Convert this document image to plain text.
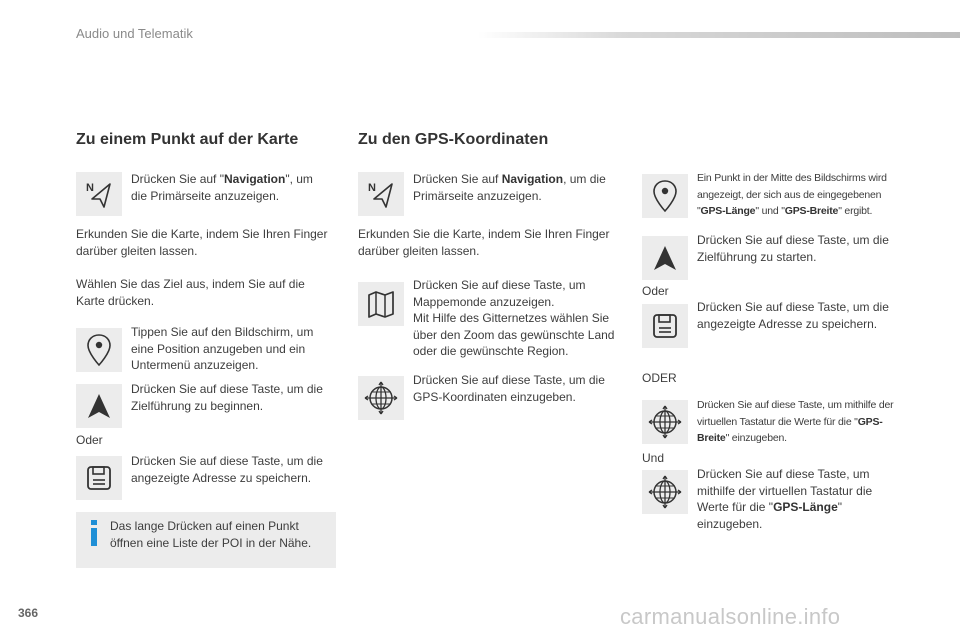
Audio und Telematik
Zu einem Punkt auf der Karte
N
Drücken Sie auf "Navigation", um die Primärseite anzuzeigen.
Erkunden Sie die Karte, indem Sie Ihren Finger darüber gleiten lassen.
Wählen Sie das Ziel aus, indem Sie auf die Karte drücken.
Tippen Sie auf den Bildschirm, um eine Position anzugeben und ein Untermenü anzuzeigen.
Drücken Sie auf diese Taste, um die Zielführung zu beginnen.
Oder
Drücken Sie auf diese Taste, um die angezeigte Adresse zu speichern.
Das lange Drücken auf einen Punkt öffnen eine Liste der POI in der Nähe.
Zu den GPS-Koordinaten
N
Drücken Sie auf Navigation, um die Primärseite anzuzeigen.
Erkunden Sie die Karte, indem Sie Ihren Finger darüber gleiten lassen.
Drücken Sie auf diese Taste, um Mappemonde anzuzeigen.
Mit Hilfe des Gitternetzes wählen Sie über den Zoom das gewünschte Land oder die gewünschte Region.
Drücken Sie auf diese Taste, um die GPS-Koordinaten einzugeben.
Ein Punkt in der Mitte des Bildschirms wird angezeigt, der sich aus de eingegebenen "GPS-Länge" und "GPS-Breite" ergibt.
Drücken Sie auf diese Taste, um die Zielführung zu starten.
Oder
Drücken Sie auf diese Taste, um die angezeigte Adresse zu speichern.
ODER
Drücken Sie auf diese Taste, um mithilfe der virtuellen Tastatur die Werte für die "GPS-Breite" einzugeben.
Und
Drücken Sie auf diese Taste, um mithilfe der virtuellen Tastatur die Werte für die "GPS-Länge" einzugeben.
366	carmanualsonline.info
